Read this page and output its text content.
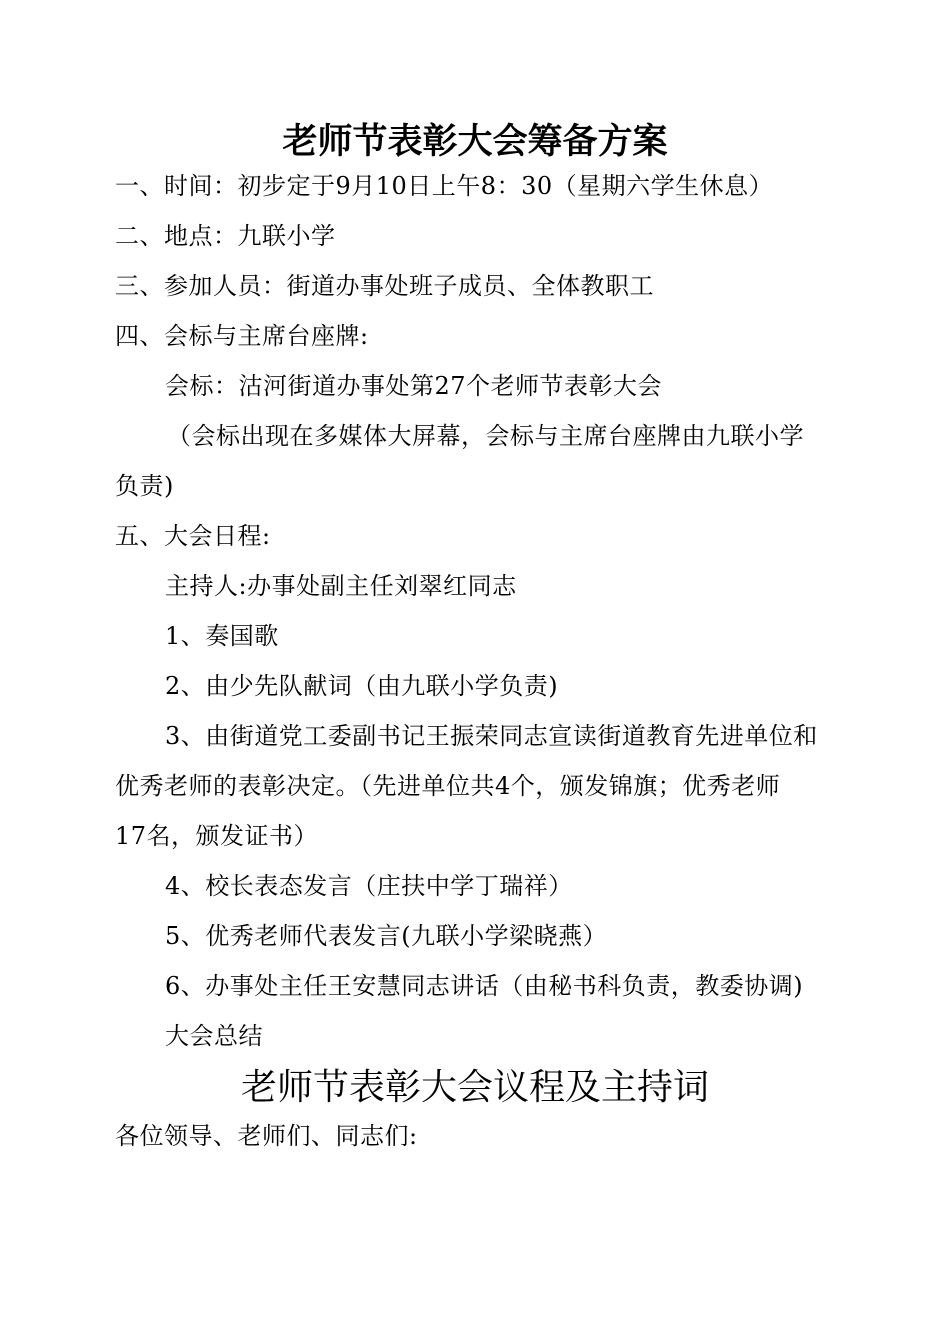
老师节表彰大会筹备方案
一、时间：初步定于9月10日上午8：30（星期六学生休息）
二、地点：九联小学
三、参加人员：街道办事处班子成员、全体教职工
四、会标与主席台座牌:
会标：沽河街道办事处第27个老师节表彰大会
（会标出现在多媒体大屏幕，会标与主席台座牌由九联小学
负责)
五、大会日程:
主持人:办事处副主任刘翠红同志
1、奏国歌
2、由少先队献词（由九联小学负责)
3、由街道党工委副书记王振荣同志宣读街道教育先进单位和
优秀老师的表彰决定。（先进单位共4个，颁发锦旗；优秀老师
17名，颁发证书）
4、校长表态发言（庄扶中学丁瑞祥）
5、优秀老师代表发言(九联小学梁晓燕）
6、办事处主任王安慧同志讲话（由秘书科负责，教委协调)
大会总结
老师节表彰大会议程及主持词
各位领导、老师们、同志们:
